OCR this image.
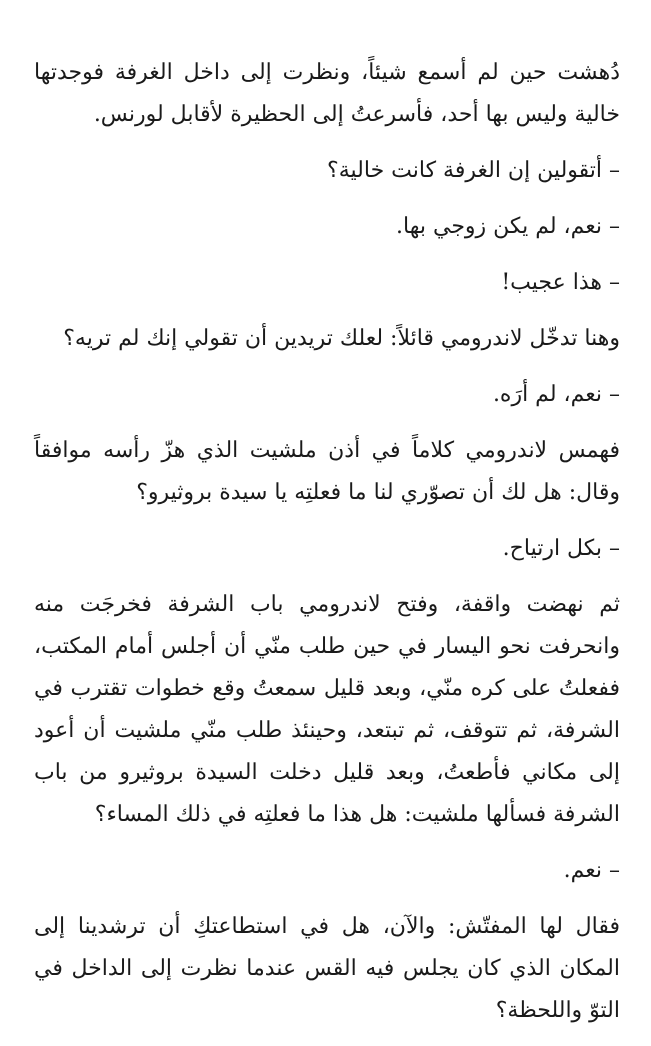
دُهشت حين لم أسمع شيئاً، ونظرت إلى داخل الغرفة فوجدتها خالية وليس بها أحد، فأسرعتُ إلى الحظيرة لأقابل لورنس.

– أتقولين إن الغرفة كانت خالية؟

– نعم، لم يكن زوجي بها.

– هذا عجيب!

وهنا تدخّل لاندرومي قائلاً: لعلك تريدين أن تقولي إنك لم تريه؟

– نعم، لم أرَه.

فهمس لاندرومي كلاماً في أذن ملشيت الذي هزّ رأسه موافقاً وقال: هل لك أن تصوّري لنا ما فعلتِه يا سيدة بروثيرو؟

– بكل ارتياح.

ثم نهضت واقفة، وفتح لاندرومي باب الشرفة فخرجَت منه وانحرفت نحو اليسار في حين طلب منّي أن أجلس أمام المكتب، ففعلتُ على كره منّي، وبعد قليل سمعتُ وقع خطوات تقترب في الشرفة، ثم تتوقف، ثم تبتعد، وحينئذ طلب منّي ملشيت أن أعود إلى مكاني فأطعتُ، وبعد قليل دخلت السيدة بروثيرو من باب الشرفة فسألها ملشيت: هل هذا ما فعلتِه في ذلك المساء؟

– نعم.

فقال لها المفتّش: والآن، هل في استطاعتكِ أن ترشدينا إلى المكان الذي كان يجلس فيه القس عندما نظرت إلى الداخل في التوّ واللحظة؟
